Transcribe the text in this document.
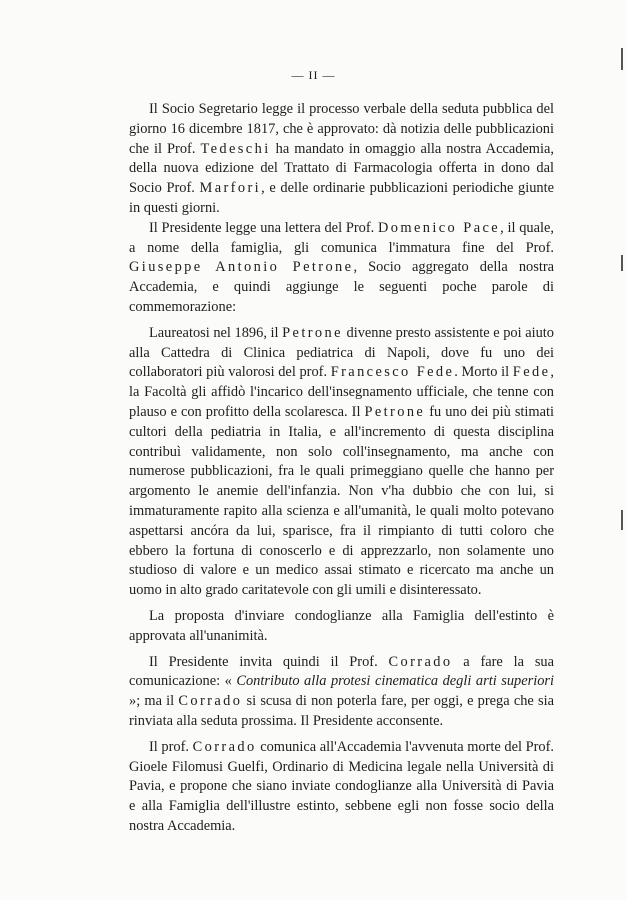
— II —

Il Socio Segretario legge il processo verbale della seduta pubblica del giorno 16 dicembre 1817, che è approvato: dà notizia delle pubblicazioni che il Prof. Tedeschi ha mandato in omaggio alla nostra Accademia, della nuova edizione del Trattato di Farmacologia offerta in dono dal Socio Prof. Marfori, e delle ordinarie pubblicazioni periodiche giunte in questi giorni.

Il Presidente legge una lettera del Prof. Domenico Pace, il quale, a nome della famiglia, gli comunica l'immatura fine del Prof. Giuseppe Antonio Petrone, Socio aggregato della nostra Accademia, e quindi aggiunge le seguenti poche parole di commemorazione:

Laureatosi nel 1896, il Petrone divenne presto assistente e poi aiuto alla Cattedra di Clinica pediatrica di Napoli, dove fu uno dei collaboratori più valorosi del prof. Francesco Fede. Morto il Fede, la Facoltà gli affidò l'incarico dell'insegnamento ufficiale, che tenne con plauso e con profitto della scolaresca. Il Petrone fu uno dei più stimati cultori della pediatria in Italia, e all'incremento di questa disciplina contribuì validamente, non solo coll'insegnamento, ma anche con numerose pubblicazioni, fra le quali primeggiano quelle che hanno per argomento le anemie dell'infanzia. Non v'ha dubbio che con lui, si immaturamente rapito alla scienza e all'umanità, le quali molto potevano aspettarsi ancóra da lui, sparisce, fra il rimpianto di tutti coloro che ebbero la fortuna di conoscerlo e di apprezzarlo, non solamente uno studioso di valore e un medico assai stimato e ricercato ma anche un uomo in alto grado caritatevole con gli umili e disinteressato.

La proposta d'inviare condoglianze alla Famiglia dell'estinto è approvata all'unanimità.

Il Presidente invita quindi il Prof. Corrado a fare la sua comunicazione: « Contributo alla protesi cinematica degli arti superiori »; ma il Corrado si scusa di non poterla fare, per oggi, e prega che sia rinviata alla seduta prossima. Il Presidente acconsente.

Il prof. Corrado comunica all'Accademia l'avvenuta morte del Prof. Gioele Filomusi Guelfi, Ordinario di Medicina legale nella Università di Pavia, e propone che siano inviate condoglianze alla Università di Pavia e alla Famiglia dell'illustre estinto, sebbene egli non fosse socio della nostra Accademia.
